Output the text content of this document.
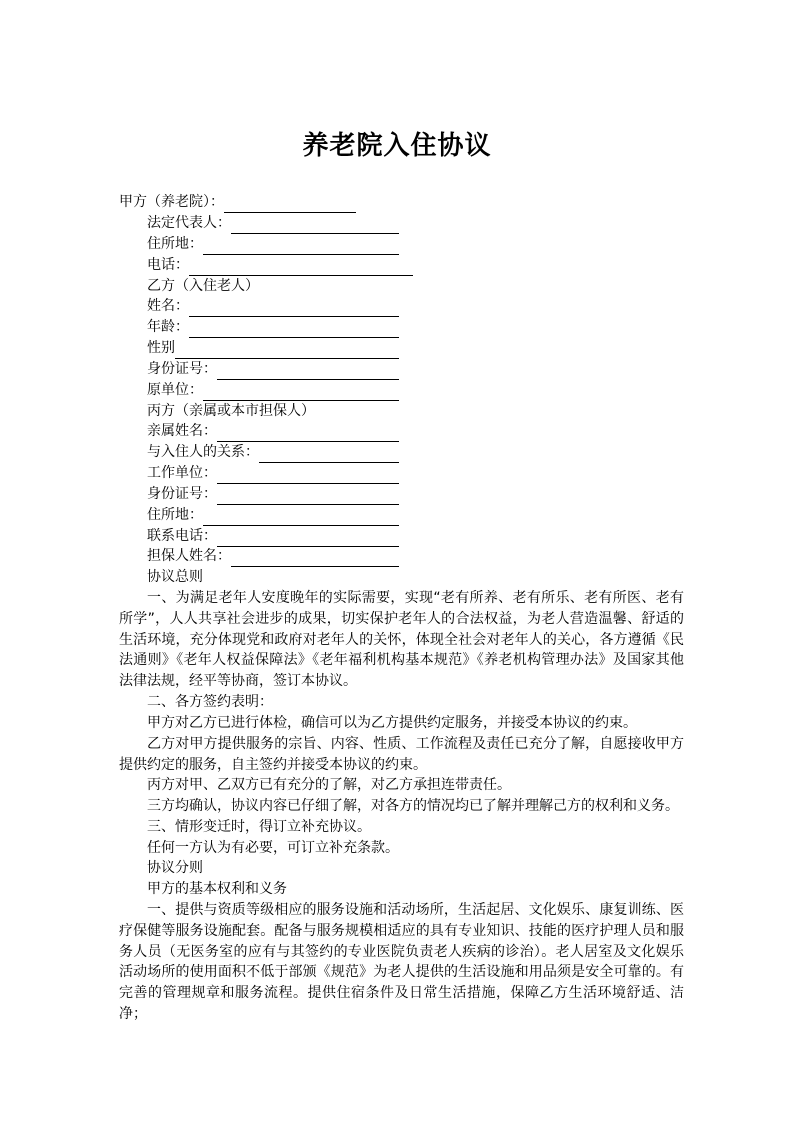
养老院入住协议
甲方（养老院）：
法定代表人：
住所地：
电话：
乙方（入住老人）
姓名：
年龄：
性别
身份证号：
原单位：
丙方（亲属或本市担保人）
亲属姓名：
与入住人的关系：
工作单位：
身份证号：
住所地：
联系电话：
担保人姓名：
协议总则
一、为满足老年人安度晚年的实际需要，实现“老有所养、老有所乐、老有所医、老有所学”，人人共享社会进步的成果，切实保护老年人的合法权益，为老人营造温馨、舒适的生活环境，充分体现党和政府对老年人的关怀，体现全社会对老年人的关心，各方遵循《民法通则》《老年人权益保障法》《老年福利机构基本规范》《养老机构管理办法》及国家其他法律法规，经平等协商，签订本协议。
二、各方签约表明：
甲方对乙方已进行体检，确信可以为乙方提供约定服务，并接受本协议的约束。
乙方对甲方提供服务的宗旨、内容、性质、工作流程及责任已充分了解，自愿接收甲方提供约定的服务，自主签约并接受本协议的约束。
丙方对甲、乙双方已有充分的了解，对乙方承担连带责任。
三方均确认，协议内容已仔细了解，对各方的情况均已了解并理解己方的权利和义务。
三、情形变迁时，得订立补充协议。
任何一方认为有必要，可订立补充条款。
协议分则
甲方的基本权利和义务
一、提供与资质等级相应的服务设施和活动场所，生活起居、文化娱乐、康复训练、医疗保健等服务设施配套。配备与服务规模相适应的具有专业知识、技能的医疗护理人员和服务人员（无医务室的应有与其签约的专业医院负责老人疾病的诊治）。老人居室及文化娱乐活动场所的使用面积不低于部颁《规范》为老人提供的生活设施和用品须是安全可靠的。有完善的管理规章和服务流程。提供住宿条件及日常生活措施，保障乙方生活环境舒适、洁净；
